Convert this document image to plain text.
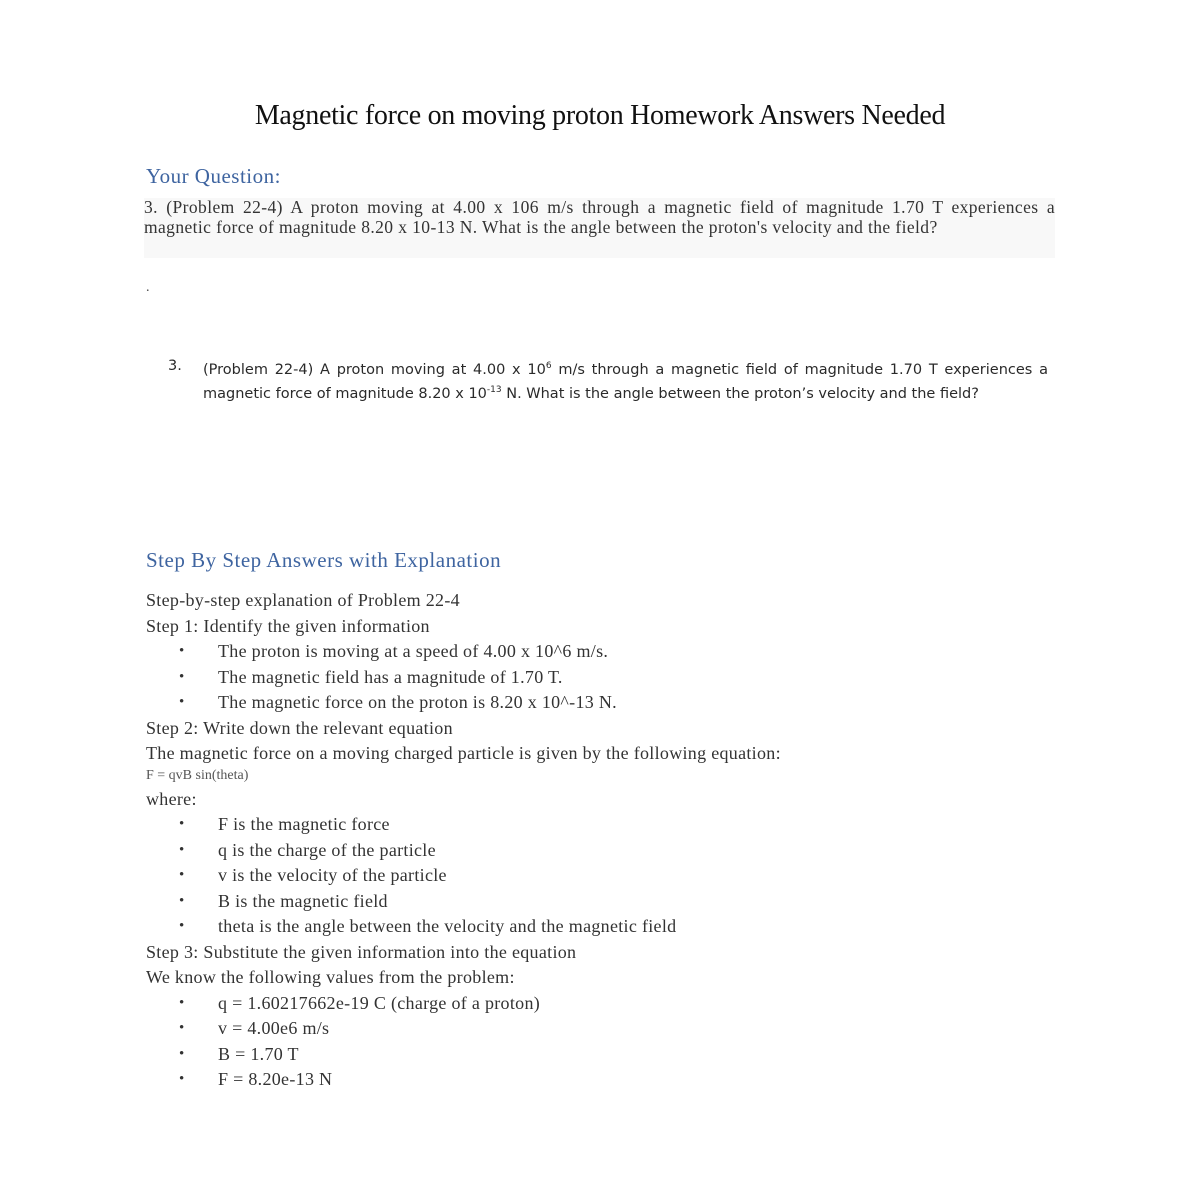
Magnetic force on moving proton Homework Answers Needed
Your Question:
3. (Problem 22-4) A proton moving at 4.00 x 106 m/s through a magnetic field of magnitude 1.70 T experiences a magnetic force of magnitude 8.20 x 10-13 N. What is the angle between the proton's velocity and the field?
.
3. (Problem 22-4) A proton moving at 4.00 x $10^6$ m/s through a magnetic field of magnitude 1.70 T experiences a magnetic force of magnitude 8.20 x $10^{-13}$ N. What is the angle between the proton’s velocity and the field?
Step By Step Answers with Explanation
Step-by-step explanation of Problem 22-4
Step 1: Identify the given information
• The proton is moving at a speed of 4.00 x 10^6 m/s.
• The magnetic field has a magnitude of 1.70 T.
• The magnetic force on the proton is 8.20 x 10^-13 N.
Step 2: Write down the relevant equation
The magnetic force on a moving charged particle is given by the following equation:
F = qvB sin(theta)
where:
• F is the magnetic force
• q is the charge of the particle
• v is the velocity of the particle
• B is the magnetic field
• theta is the angle between the velocity and the magnetic field
Step 3: Substitute the given information into the equation
We know the following values from the problem:
• q = 1.60217662e-19 C (charge of a proton)
• v = 4.00e6 m/s
• B = 1.70 T
• F = 8.20e-13 N
